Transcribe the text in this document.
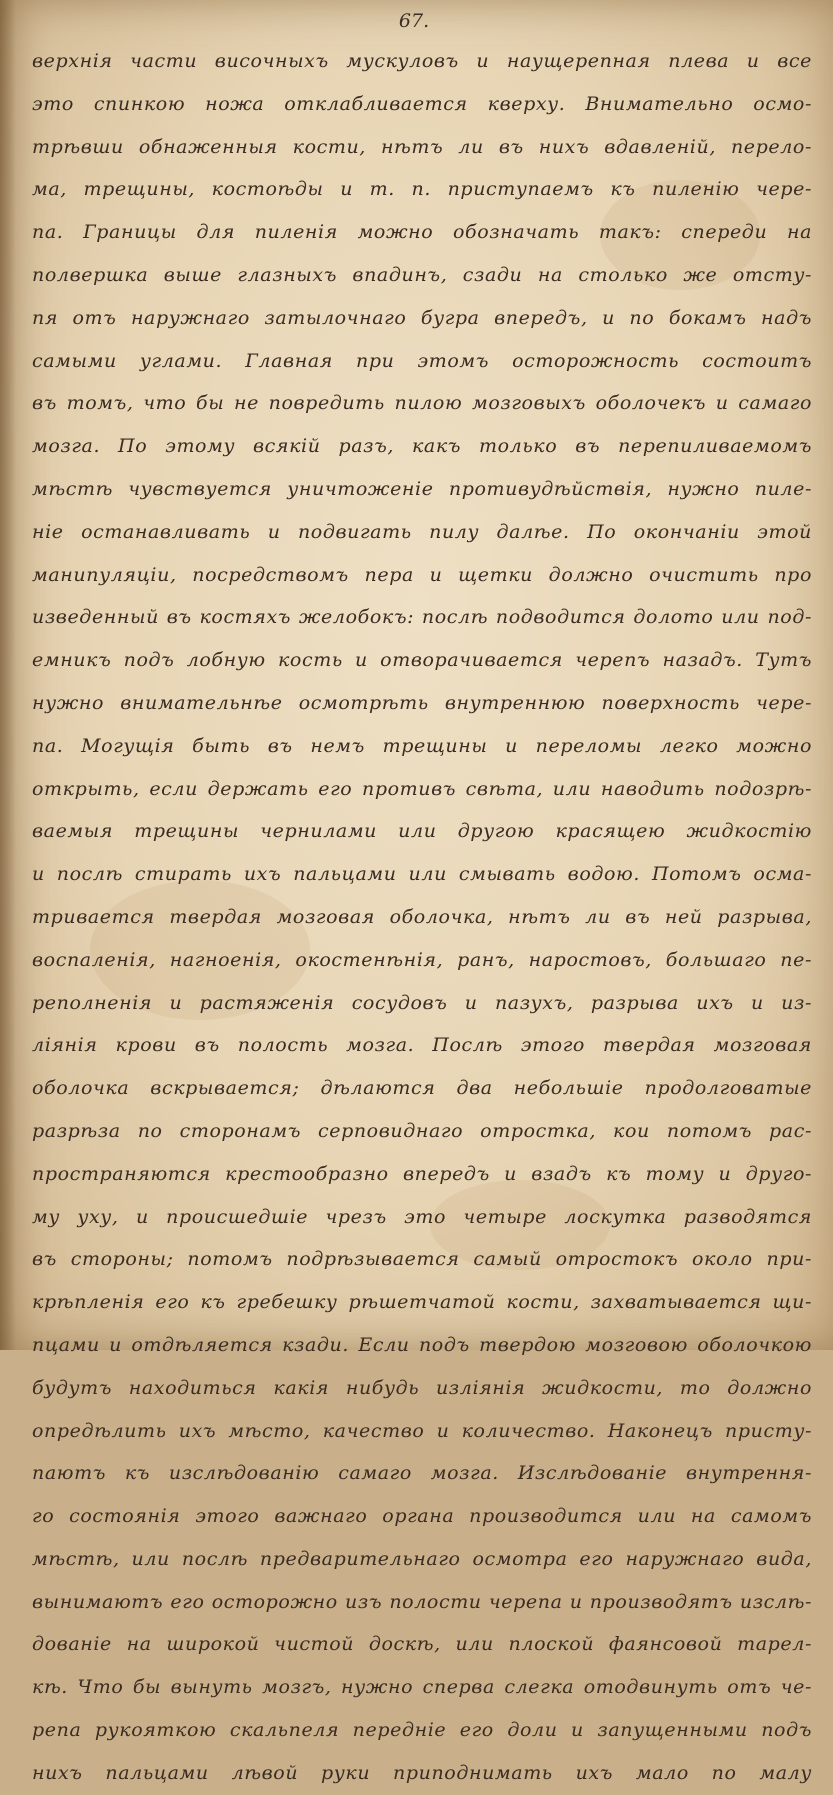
67.
верхнія части височныхъ мускуловъ и наущерепная плева и все
это спинкою ножа отклабливается кверху. Внимательно осмо-
трѣвши обнаженныя кости, нѣтъ ли въ нихъ вдавленій, перело-
ма, трещины, костоѣды и т. п. приступаемъ къ пиленію чере-
па. Границы для пиленія можно обозначать такъ: спереди на
полвершка выше глазныхъ впадинъ, сзади на столько же отсту-
пя отъ наружнаго затылочнаго бугра впередъ, и по бокамъ надъ
самыми углами. Главная при этомъ осторожность состоитъ
въ томъ, что бы не повредить пилою мозговыхъ оболочекъ и самаго
мозга. По этому всякій разъ, какъ только въ перепиливаемомъ
мѣстѣ чувствуется уничтоженіе противудѣйствія, нужно пиле-
ніе останавливать и подвигать пилу далѣе. По окончаніи этой
манипуляціи, посредствомъ пера и щетки должно очистить про
изведенный въ костяхъ желобокъ: послѣ подводится долото или под-
емникъ подъ лобную кость и отворачивается черепъ назадъ. Тутъ
нужно внимательнѣе осмотрѣть внутреннюю поверхность чере-
па. Могущія быть въ немъ трещины и переломы легко можно
открыть, если держать его противъ свѣта, или наводить подозрѣ-
ваемыя трещины чернилами или другою красящею жидкостію
и послѣ стирать ихъ пальцами или смывать водою. Потомъ осма-
тривается твердая мозговая оболочка, нѣтъ ли въ ней разрыва,
воспаленія, нагноенія, окостенѣнія, ранъ, наростовъ, большаго пе-
реполненія и растяженія сосудовъ и пазухъ, разрыва ихъ и из-
ліянія крови въ полость мозга. Послѣ этого твердая мозговая
оболочка вскрывается; дѣлаются два небольшіе продолговатые
разрѣза по сторонамъ серповиднаго отростка, кои потомъ рас-
пространяются крестообразно впередъ и взадъ къ тому и друго-
му уху, и происшедшіе чрезъ это четыре лоскутка разводятся
въ стороны; потомъ подрѣзывается самый отростокъ около при-
крѣпленія его къ гребешку рѣшетчатой кости, захватывается щи-
пцами и отдѣляется кзади. Если подъ твердою мозговою оболочкою
будутъ находиться какія нибудь изліянія жидкости, то должно
опредѣлить ихъ мѣсто, качество и количество. Наконецъ присту-
паютъ къ изслѣдованію самаго мозга. Изслѣдованіе внутрення-
го состоянія этого важнаго органа производится или на самомъ
мѣстѣ, или послѣ предварительнаго осмотра его наружнаго вида,
вынимаютъ его осторожно изъ полости черепа и производятъ изслѣ-
дованіе на широкой чистой доскѣ, или плоской фаянсовой тарел-
кѣ. Что бы вынуть мозгъ, нужно сперва слегка отодвинуть отъ че-
репа рукояткою скальпеля передніе его доли и запущенными подъ
нихъ пальцами лѣвой руки приподнимать ихъ мало по малу
